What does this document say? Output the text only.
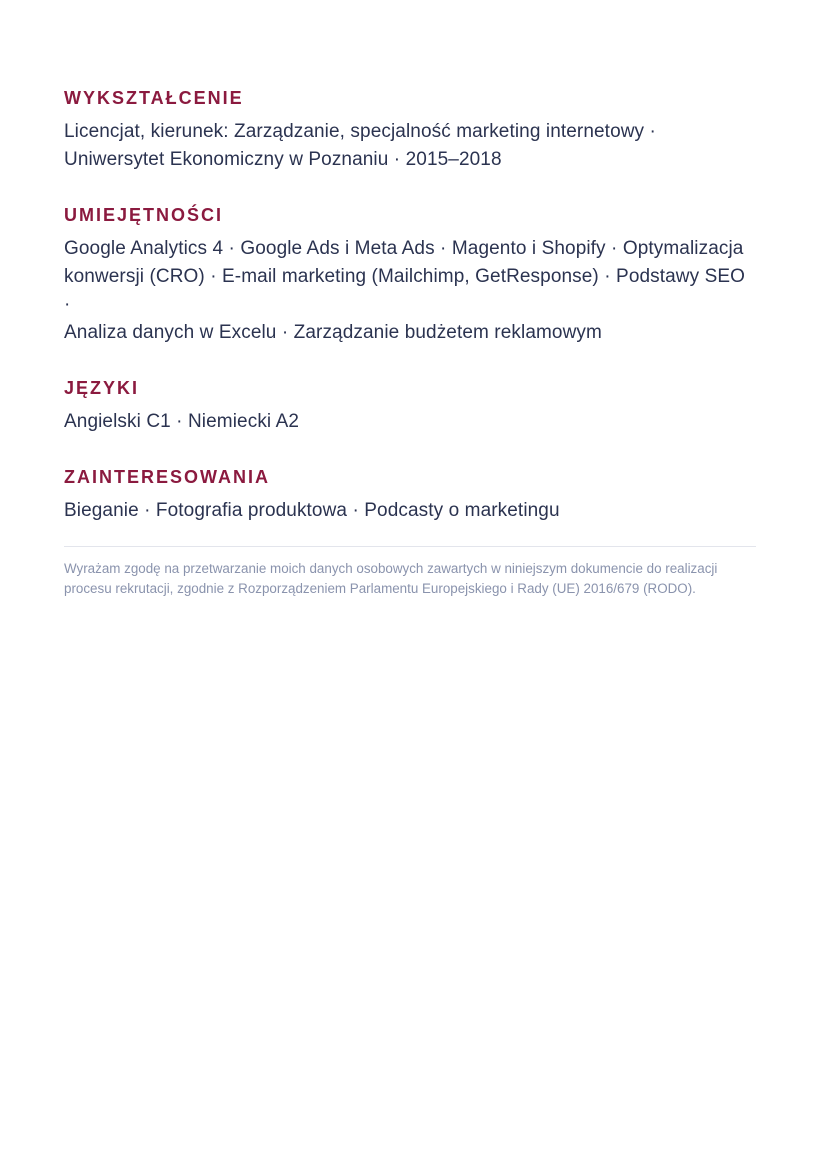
WYKSZTAŁCENIE
Licencjat, kierunek: Zarządzanie, specjalność marketing internetowy ·
Uniwersytet Ekonomiczny w Poznaniu · 2015–2018
UMIEJĘTNOŚCI
Google Analytics 4 · Google Ads i Meta Ads · Magento i Shopify · Optymalizacja
konwersji (CRO) · E-mail marketing (Mailchimp, GetResponse) · Podstawy SEO ·
Analiza danych w Excelu · Zarządzanie budżetem reklamowym
JĘZYKI
Angielski C1 · Niemiecki A2
ZAINTERESOWANIA
Bieganie · Fotografia produktowa · Podcasty o marketingu
Wyrażam zgodę na przetwarzanie moich danych osobowych zawartych w niniejszym dokumencie do realizacji
procesu rekrutacji, zgodnie z Rozporządzeniem Parlamentu Europejskiego i Rady (UE) 2016/679 (RODO).
